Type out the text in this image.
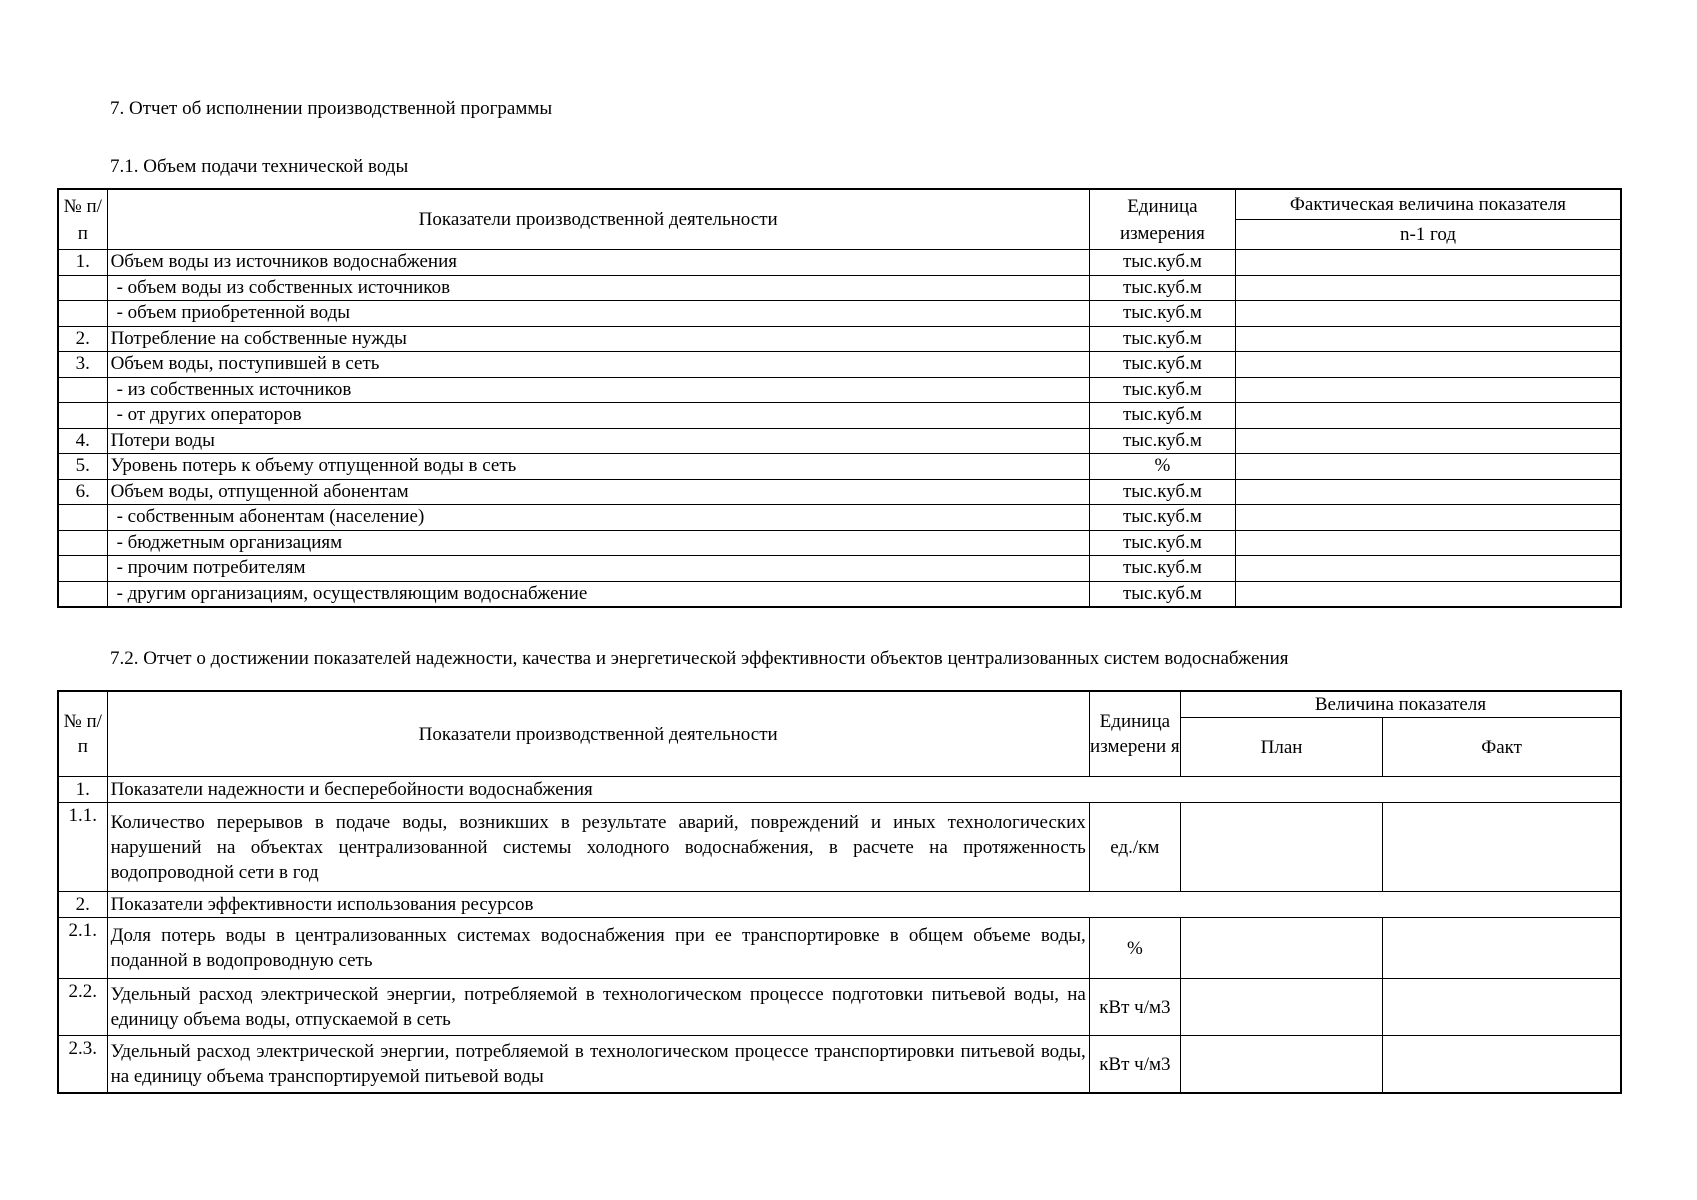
7. Отчет об исполнении производственной программы
7.1. Объем подачи технической воды
№ п/п	Показатели производственной деятельности	Единица измерения	Фактическая величина показателя
			n-1 год
1.	Объем воды из источников водоснабжения	тыс.куб.м	
	- объем воды из собственных источников	тыс.куб.м	
	- объем приобретенной воды	тыс.куб.м	
2.	Потребление на собственные нужды	тыс.куб.м	
3.	Объем воды, поступившей в сеть	тыс.куб.м	
	- из собственных источников	тыс.куб.м	
	- от других операторов	тыс.куб.м	
4.	Потери воды	тыс.куб.м	
5.	Уровень потерь к объему отпущенной воды в сеть	%	
6.	Объем воды, отпущенной абонентам	тыс.куб.м	
	- собственным абонентам (население)	тыс.куб.м	
	- бюджетным организациям	тыс.куб.м	
	- прочим потребителям	тыс.куб.м	
	- другим организациям, осуществляющим водоснабжение	тыс.куб.м	
7.2. Отчет о достижении показателей надежности, качества и энергетической эффективности объектов централизованных систем водоснабжения
№ п/п	Показатели производственной деятельности	Единица измерени я	Величина показателя	
			План	Факт
1.	Показатели надежности и бесперебойности водоснабжения			
1.1.	Количество перерывов в подаче воды, возникших в результате аварий, повреждений и иных технологических нарушений на объектах централизованной системы холодного водоснабжения, в расчете на протяженность водопроводной сети в год	ед./км		
2.	Показатели эффективности использования ресурсов			
2.1.	Доля потерь воды в централизованных системах водоснабжения при ее транспортировке в общем объеме воды, поданной в водопроводную сеть	%		
2.2.	Удельный расход электрической энергии, потребляемой в технологическом процессе подготовки питьевой воды, на единицу объема воды, отпускаемой в сеть	кВт ч/м3		
2.3.	Удельный расход электрической энергии, потребляемой в технологическом процессе транспортировки питьевой воды, на единицу объема транспортируемой питьевой воды	кВт ч/м3		
